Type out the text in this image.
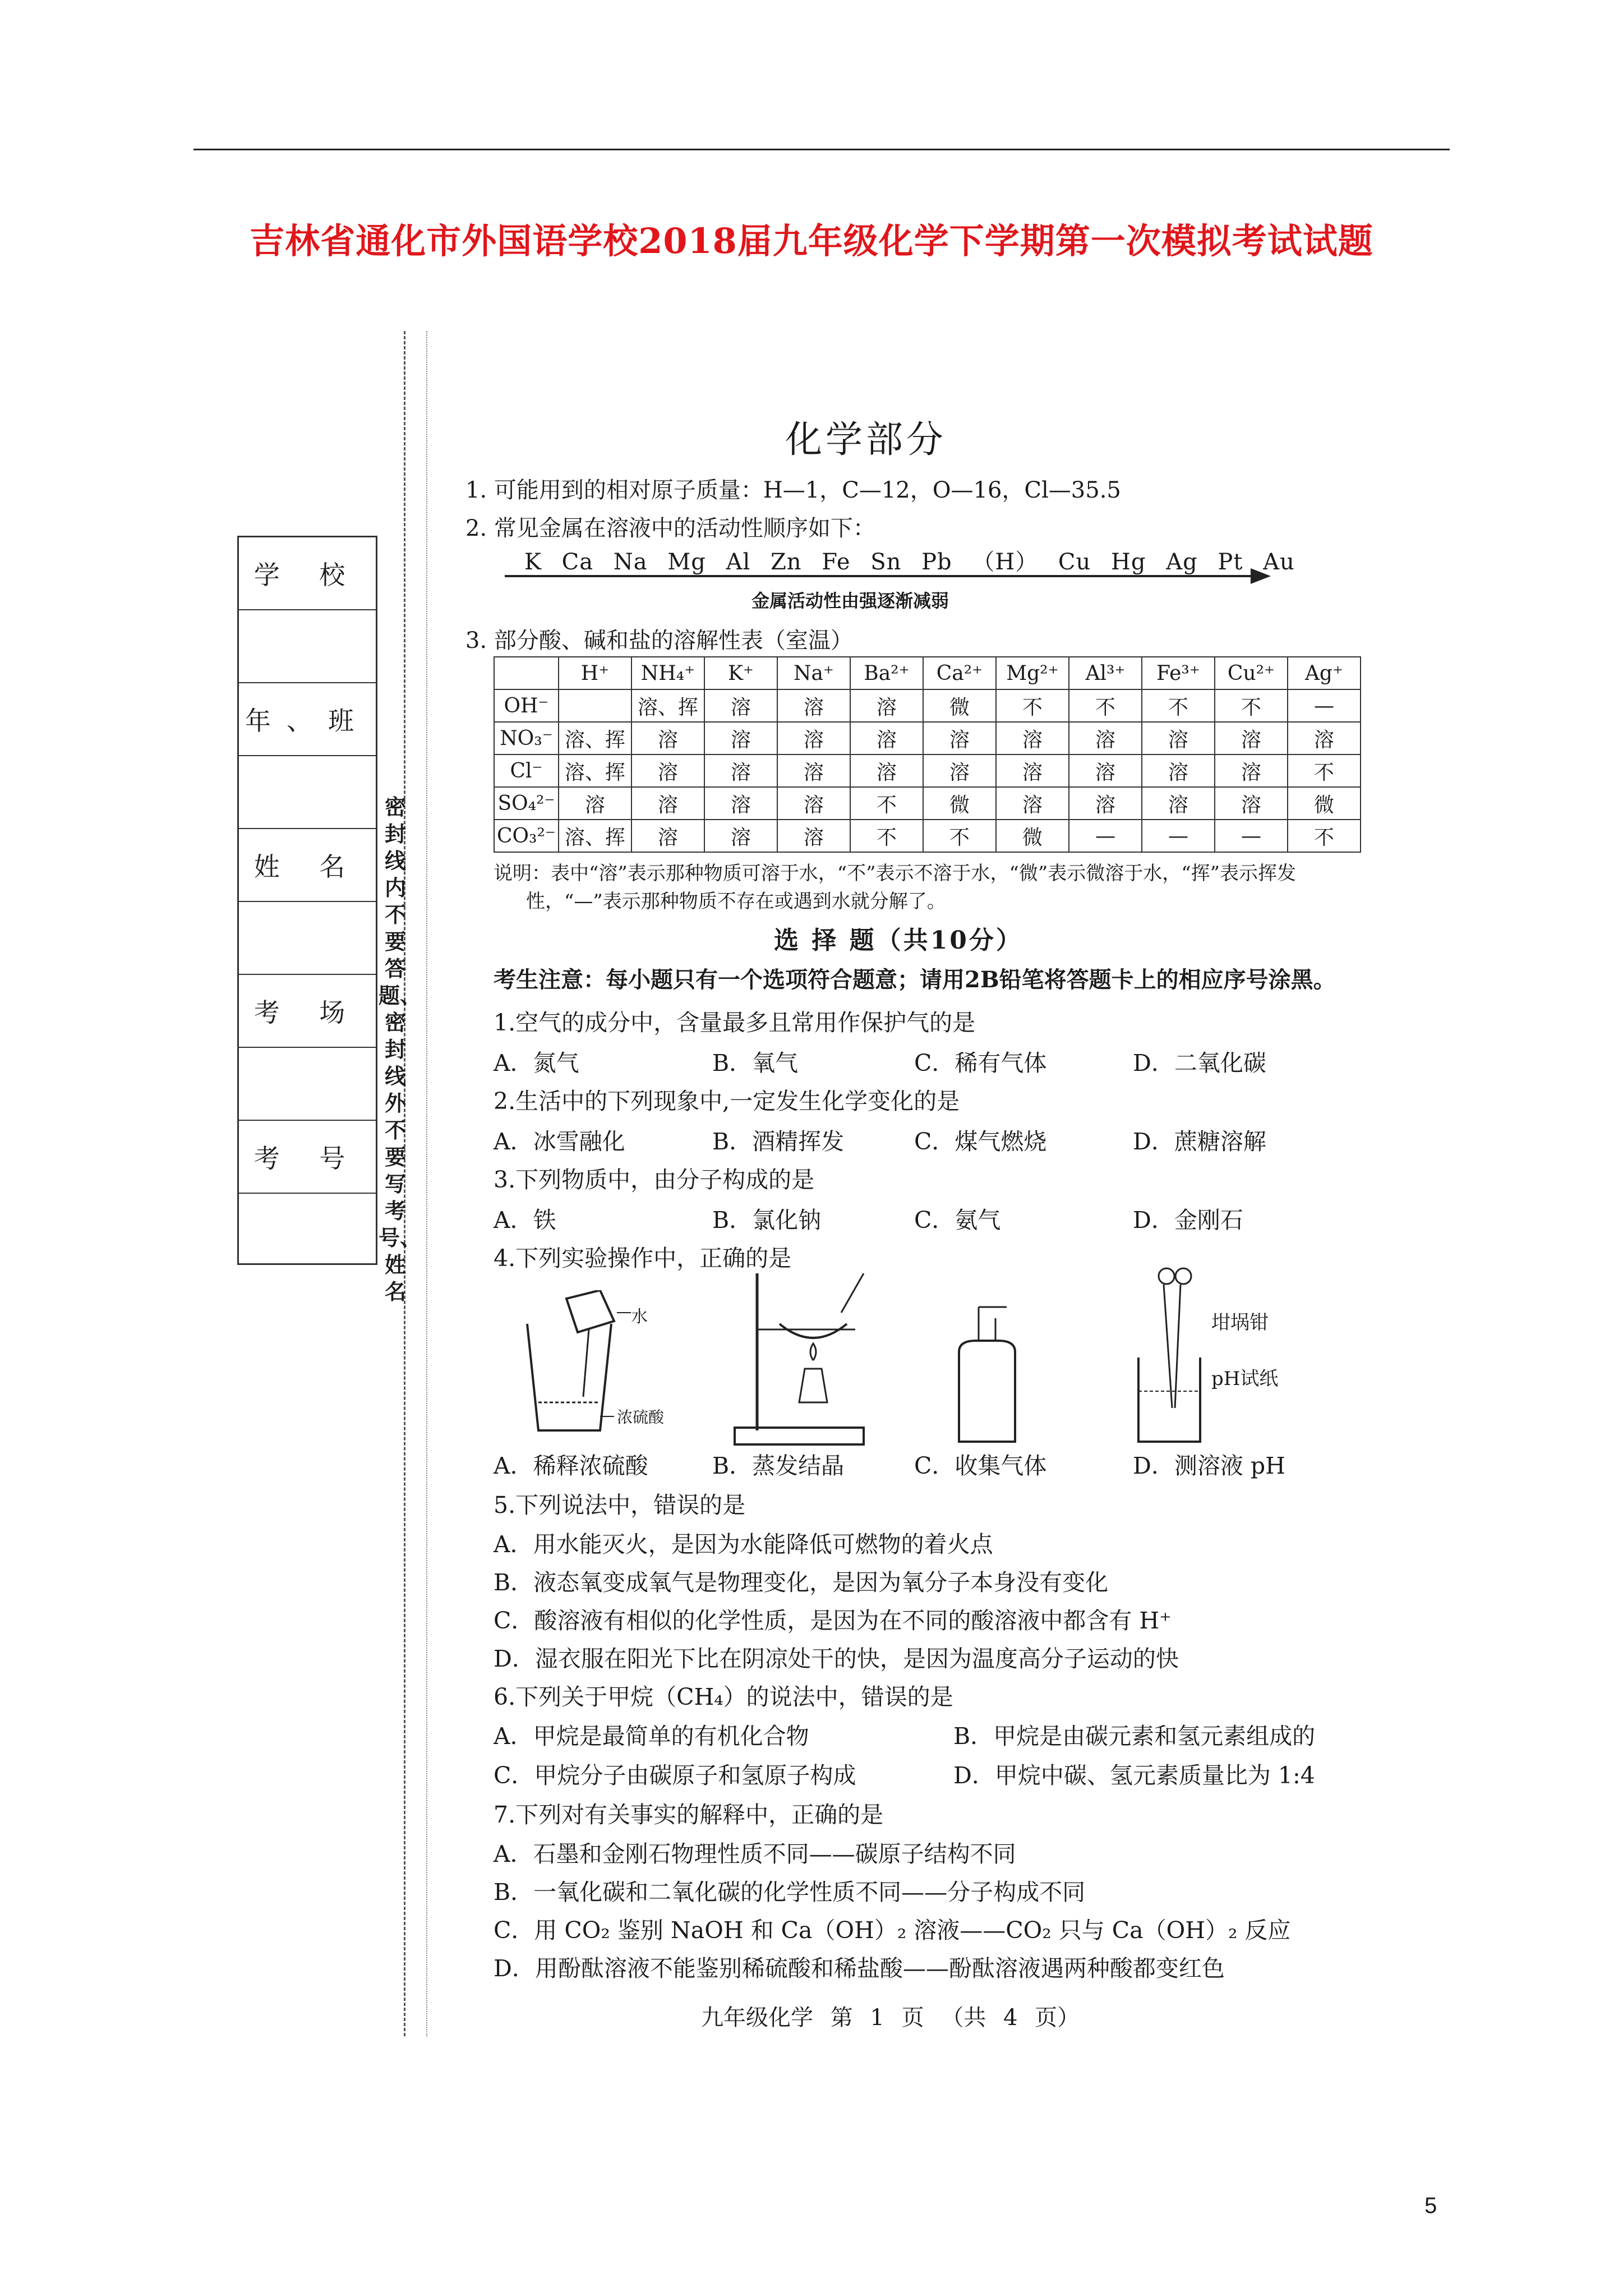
吉林省通化市外国语学校2018届九年级化学下学期第一次模拟考试试题
学 校
年、班
姓 名
考 场
考 号
密封线内不要答题、密封线外不要写考号、姓名
化学部分
1. 可能用到的相对原子质量：H—1，C—12，O—16，Cl—35.5
2. 常见金属在溶液中的活动性顺序如下：
K Ca Na Mg Al Zn Fe Sn Pb （H） Cu Hg Ag Pt Au
金属活动性由强逐渐减弱
3. 部分酸、碱和盐的溶解性表（室温）
	H⁺	NH₄⁺	K⁺	Na⁺	Ba²⁺	Ca²⁺	Mg²⁺	Al³⁺	Fe³⁺	Cu²⁺	Ag⁺
OH⁻		溶、挥	溶	溶	溶	微	不	不	不	不	—
NO₃⁻	溶、挥	溶	溶	溶	溶	溶	溶	溶	溶	溶	溶
Cl⁻	溶、挥	溶	溶	溶	溶	溶	溶	溶	溶	溶	不
SO₄²⁻	溶	溶	溶	溶	不	微	溶	溶	溶	溶	微
CO₃²⁻	溶、挥	溶	溶	溶	不	不	微	—	—	—	不
说明：表中“溶”表示那种物质可溶于水，“不”表示不溶于水，“微”表示微溶于水，“挥”表示挥发
性，“—”表示那种物质不存在或遇到水就分解了。
选 择 题（共10分）
考生注意：每小题只有一个选项符合题意；请用2B铅笔将答题卡上的相应序号涂黑。
1.空气的成分中，含量最多且常用作保护气的是
A．氮气	B．氧气	C．稀有气体	D．二氧化碳
2.生活中的下列现象中,一定发生化学变化的是
A．冰雪融化	B．酒精挥发	C．煤气燃烧	D．蔗糖溶解
3.下列物质中，由分子构成的是
A．铁	B．氯化钠	C．氨气	D．金刚石
4.下列实验操作中，正确的是
水
浓硫酸
坩埚钳
pH试纸
A．稀释浓硫酸	B．蒸发结晶	C．收集气体	D．测溶液 pH
5.下列说法中，错误的是
A．用水能灭火，是因为水能降低可燃物的着火点
B．液态氧变成氧气是物理变化，是因为氧分子本身没有变化
C．酸溶液有相似的化学性质，是因为在不同的酸溶液中都含有 H⁺
D．湿衣服在阳光下比在阴凉处干的快，是因为温度高分子运动的快
6.下列关于甲烷（CH₄）的说法中，错误的是
A．甲烷是最简单的有机化合物	B．甲烷是由碳元素和氢元素组成的
C．甲烷分子由碳原子和氢原子构成	D．甲烷中碳、氢元素质量比为 1:4
7.下列对有关事实的解释中，正确的是
A．石墨和金刚石物理性质不同——碳原子结构不同
B．一氧化碳和二氧化碳的化学性质不同——分子构成不同
C．用 CO₂ 鉴别 NaOH 和 Ca（OH）₂ 溶液——CO₂ 只与 Ca（OH）₂ 反应
D．用酚酞溶液不能鉴别稀硫酸和稀盐酸——酚酞溶液遇两种酸都变红色
九年级化学 第 1 页 （共 4 页）
5
